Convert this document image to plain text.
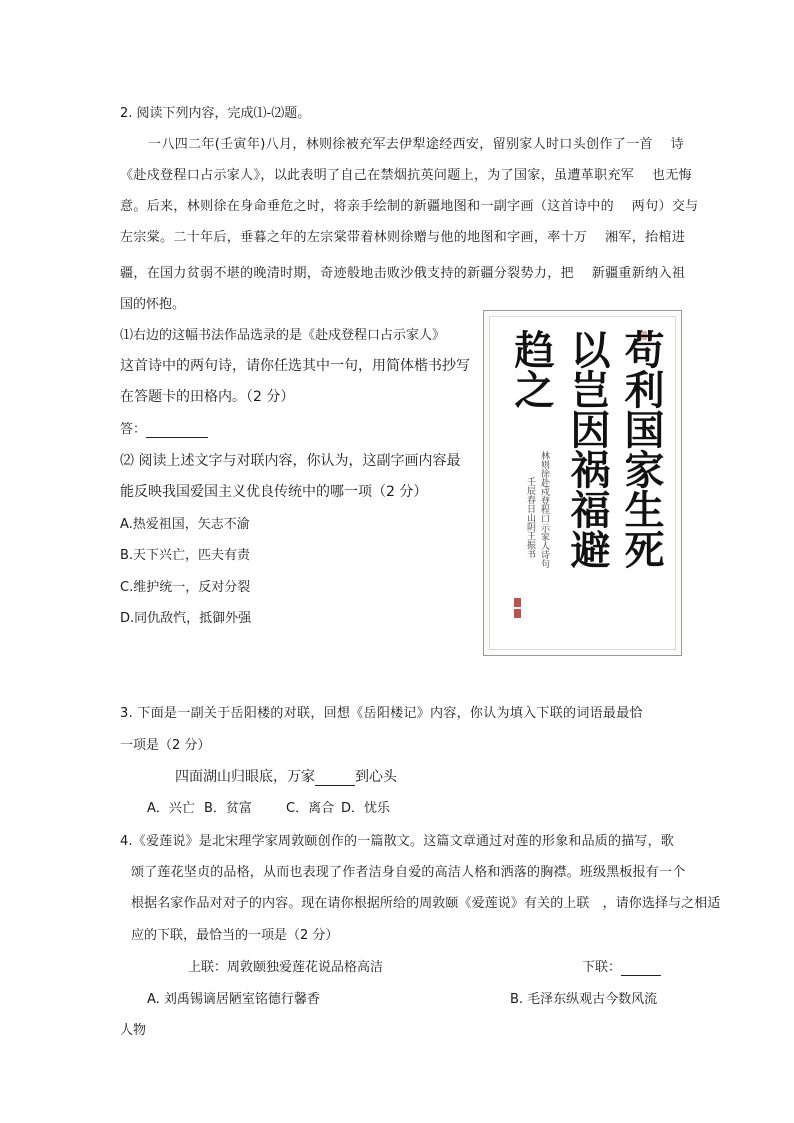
2. 阅读下列内容，完成⑴-⑵题。
一八四二年(壬寅年)八月，林则徐被充军去伊犁途经西安，留别家人时口头创作了一首　 诗
《赴戍登程口占示家人》，以此表明了自己在禁烟抗英问题上，为了国家，虽遭革职充军　 也无悔
意。后来，林则徐在身命垂危之时，将亲手绘制的新疆地图和一副字画（这首诗中的　 两句）交与
左宗棠。二十年后，垂暮之年的左宗棠带着林则徐赠与他的地图和字画，率十万　 湘军，抬棺进
疆，在国力贫弱不堪的晚清时期，奇迹般地击败沙俄支持的新疆分裂势力，把　 新疆重新纳入祖
国的怀抱。
⑴右边的这幅书法作品选录的是《赴戍登程口占示家人》
这首诗中的两句诗，请你任选其中一句，用简体楷书抄写
在答题卡的田格内。（2 分）
答：
⑵ 阅读上述文字与对联内容，你认为，这副字画内容最
能反映我国爱国主义优良传统中的哪一项（2 分）
A.热爱祖国，矢志不渝
B.天下兴亡，匹夫有责
C.维护统一，反对分裂
D.同仇敌忾，抵御外强
苟利国家生死
以岂因祸福避
趋之
林则徐赴戍登程口示家人诗句
壬辰春日山阴王振书
3. 下面是一副关于岳阳楼的对联，回想《岳阳楼记》内容，你认为填入下联的词语最最恰
一项是（2 分）
四面湖山归眼底，万家	到心头
A．兴亡 B．贫富	C．离合 D．忧乐
4.《爱莲说》是北宋理学家周敦颐创作的一篇散文。这篇文章通过对莲的形象和品质的描写，歌
颂了莲花坚贞的品格，从而也表现了作者洁身自爱的高洁人格和洒落的胸襟。班级黑板报有一个
根据名家作品对对子的内容。现在请你根据所给的周敦颐《爱莲说》有关的上联　，请你选择与之相适
应的下联，最恰当的一项是（2 分）
上联：周敦颐独爱莲花说品格高洁	下联：
A. 刘禹锡谪居陋室铭德行馨香	B. 毛泽东纵观古今数风流
人物
